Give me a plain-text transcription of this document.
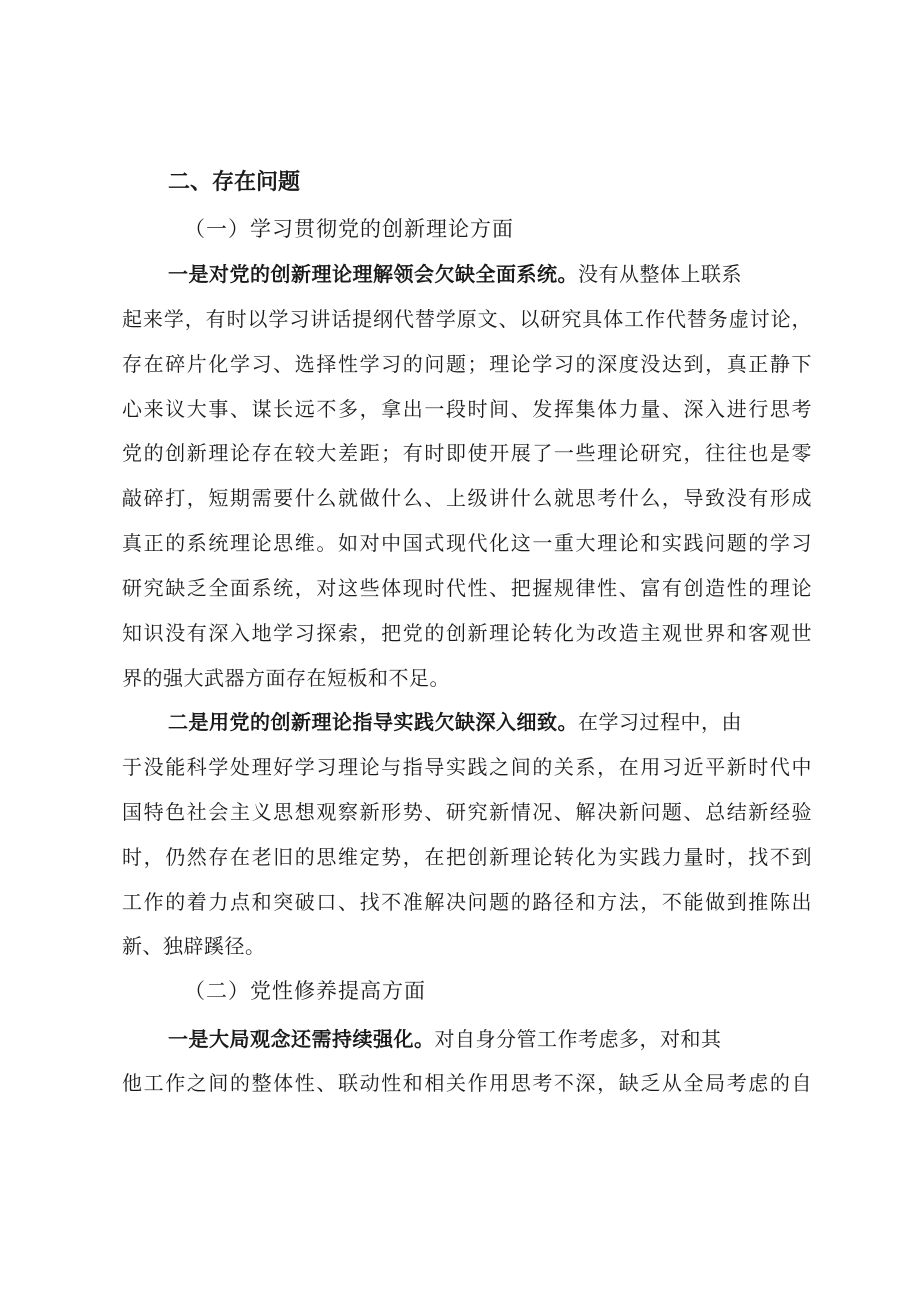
二、存在问题
（一）学习贯彻党的创新理论方面
一是对党的创新理论理解领会欠缺全面系统。没有从整体上联系
起来学，有时以学习讲话提纲代替学原文、以研究具体工作代替务虚讨论，
存在碎片化学习、选择性学习的问题；理论学习的深度没达到，真正静下
心来议大事、谋长远不多，拿出一段时间、发挥集体力量、深入进行思考
党的创新理论存在较大差距；有时即使开展了一些理论研究，往往也是零
敲碎打，短期需要什么就做什么、上级讲什么就思考什么，导致没有形成
真正的系统理论思维。如对中国式现代化这一重大理论和实践问题的学习
研究缺乏全面系统，对这些体现时代性、把握规律性、富有创造性的理论
知识没有深入地学习探索，把党的创新理论转化为改造主观世界和客观世
界的强大武器方面存在短板和不足。
二是用党的创新理论指导实践欠缺深入细致。在学习过程中，由
于没能科学处理好学习理论与指导实践之间的关系，在用习近平新时代中
国特色社会主义思想观察新形势、研究新情况、解决新问题、总结新经验
时，仍然存在老旧的思维定势，在把创新理论转化为实践力量时，找不到
工作的着力点和突破口、找不准解决问题的路径和方法，不能做到推陈出
新、独辟蹊径。
（二）党性修养提高方面
一是大局观念还需持续强化。对自身分管工作考虑多，对和其
他工作之间的整体性、联动性和相关作用思考不深，缺乏从全局考虑的自
